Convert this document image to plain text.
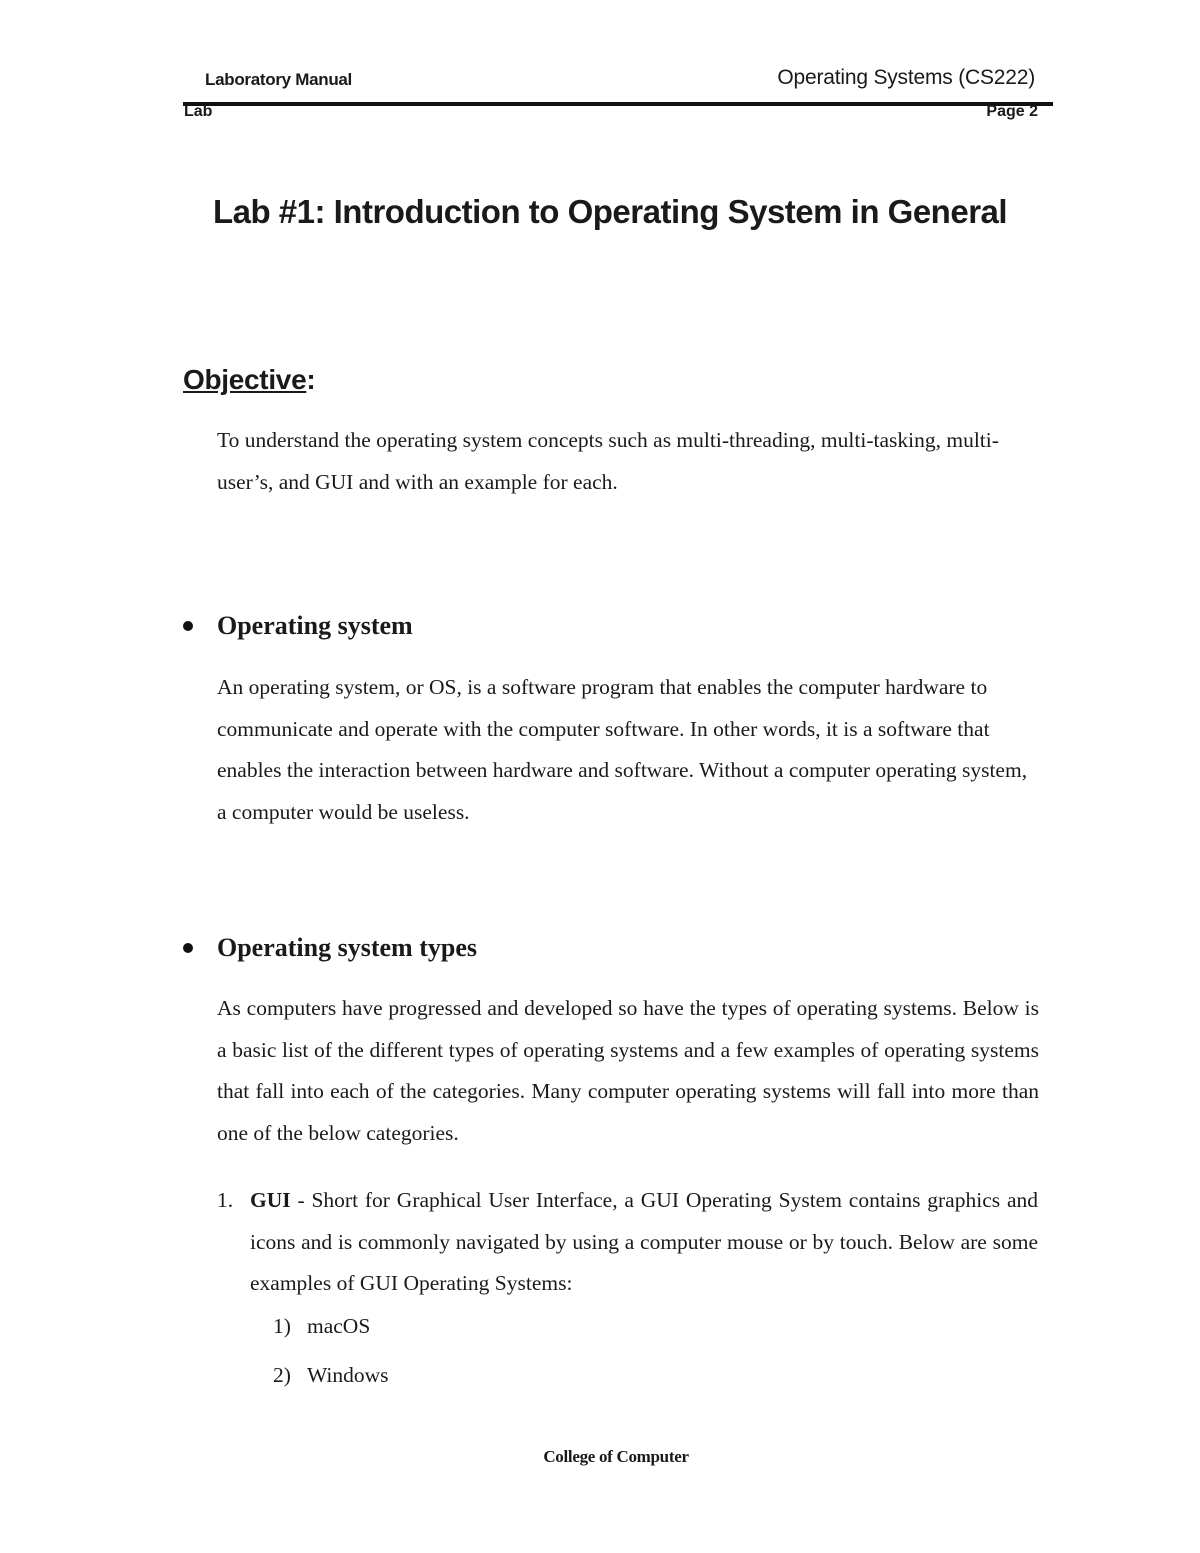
Laboratory Manual	Operating Systems (CS222)
Lab	Page 2
Lab #1: Introduction to Operating System in General
Objective:

To understand the operating system concepts such as multi-threading, multi-tasking, multi-user’s, and GUI and with an example for each.

Operating system

An operating system, or OS, is a software program that enables the computer hardware to communicate and operate with the computer software. In other words, it is a software that enables the interaction between hardware and software. Without a computer operating system, a computer would be useless.

Operating system types

As computers have progressed and developed so have the types of operating systems. Below is a basic list of the different types of operating systems and a few examples of operating systems that fall into each of the categories. Many computer operating systems will fall into more than one of the below categories.

1. GUI - Short for Graphical User Interface, a GUI Operating System contains graphics and icons and is commonly navigated by using a computer mouse or by touch. Below are some examples of GUI Operating Systems:

1) macOS
2) Windows
College of Computer
